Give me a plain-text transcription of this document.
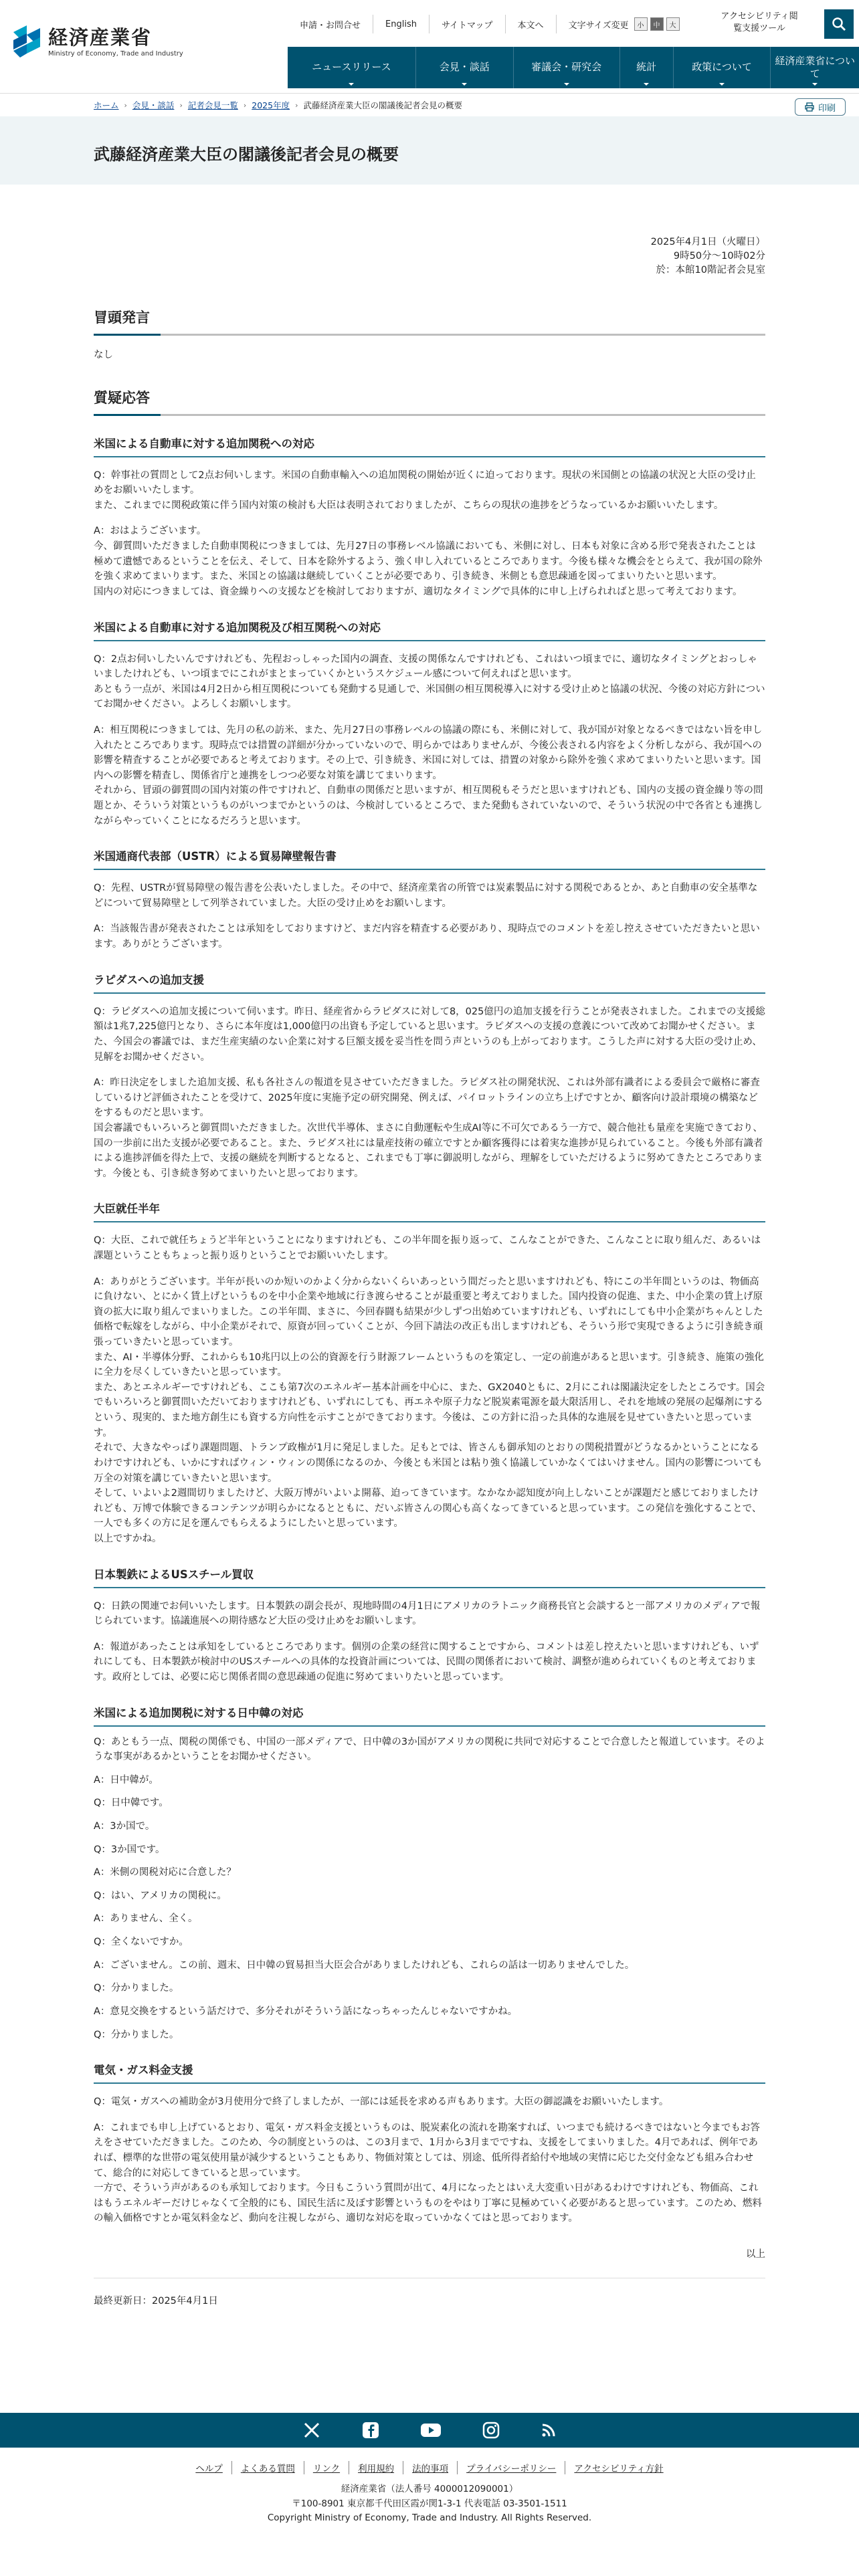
経済産業省
Ministry of Economy, Trade and Industry
申請・お問合せ	English	サイトマップ	本文へ	文字サイズ変更	小	中	大
アクセシビリティ閲覧支援ツール
ニュースリリース	会見・談話	審議会・研究会	統計	政策について
経済産業省について
ホーム › 会見・談話 › 記者会見一覧 › 2025年度 › 武藤経済産業大臣の閣議後記者会見の概要	印刷
武藤経済産業大臣の閣議後記者会見の概要
2025年4月1日（火曜日）
9時50分～10時02分
於：本館10階記者会見室
冒頭発言
なし
質疑応答
米国による自動車に対する追加関税への対応
Q：幹事社の質問として2点お伺いします。米国の自動車輸入への追加関税の開始が近くに迫っております。現状の米国側との協議の状況と大臣の受け止めをお願いいたします。
また、これまでに関税政策に伴う国内対策の検討も大臣は表明されておりましたが、こちらの現状の進捗をどうなっているかお願いいたします。
A：おはようございます。
今、御質問いただきました自動車関税につきましては、先月27日の事務レベル協議においても、米側に対し、日本も対象に含める形で発表されたことは極めて遺憾であるということを伝え、そして、日本を除外するよう、強く申し入れているところであります。今後も様々な機会をとらえて、我が国の除外を強く求めてまいります。また、米国との協議は継続していくことが必要であり、引き続き、米側とも意思疎通を図ってまいりたいと思います。
国内の対応につきましては、資金繰りへの支援などを検討しておりますが、適切なタイミングで具体的に申し上げられればと思って考えております。
米国による自動車に対する追加関税及び相互関税への対応
Q：2点お伺いしたいんですけれども、先程おっしゃった国内の調査、支援の関係なんですけれども、これはいつ頃までに、適切なタイミングとおっしゃいましたけれども、いつ頃までにこれがまとまっていくかというスケジュール感について何えればと思います。
あともう一点が、米国は4月2日から相互関税についても発動する見通しで、米国側の相互関税導入に対する受け止めと協議の状況、今後の対応方針についてお聞かせください。よろしくお願いします。
A：相互関税につきましては、先月の私の訪米、また、先月27日の事務レベルの協議の際にも、米側に対して、我が国が対象となるべきではない旨を申し入れたところであります。現時点では措置の詳細が分かっていないので、明らかではありませんが、今後公表される内容をよく分析しながら、我が国への影響を精査することが必要であると考えております。その上で、引き続き、米国に対しては、措置の対象から除外を強く求めてまいりたいと思います。国内への影響を精査し、関係省庁と連携をしつつ必要な対策を講じてまいります。
それから、冒頭の御質問の国内対策の件ですけれど、自動車の関係だと思いますが、相互関税もそうだと思いますけれども、国内の支援の資金繰り等の問題とか、そういう対策というものがいつまでかというのは、今検討しているところで、また発動もされていないので、そういう状況の中で各省とも連携しながらやっていくことになるだろうと思います。
米国通商代表部（USTR）による貿易障壁報告書
Q：先程、USTRが貿易障壁の報告書を公表いたしました。その中で、経済産業省の所管では炭素製品に対する関税であるとか、あと自動車の安全基準などについて貿易障壁として列挙されていました。大臣の受け止めをお願いします。
A：当該報告書が発表されたことは承知をしておりますけど、まだ内容を精査する必要があり、現時点でのコメントを差し控えさせていただきたいと思います。ありがとうございます。
ラピダスへの追加支援
Q：ラピダスへの追加支援について伺います。昨日、経産省からラピダスに対して8，025億円の追加支援を行うことが発表されました。これまでの支援総額は1兆7,225億円となり、さらに本年度は1,000億円の出資も予定していると思います。ラピダスへの支援の意義について改めてお聞かせください。また、今国会の審議では、まだ生産実績のない企業に対する巨額支援を妥当性を問う声というのも上がっております。こうした声に対する大臣の受け止め、見解をお聞かせください。
A：昨日決定をしました追加支援、私も各社さんの報道を見させていただきました。ラピダス社の開発状況、これは外部有識者による委員会で厳格に審査しているけど評価されたことを受けて、2025年度に実施予定の研究開発、例えば、パイロットラインの立ち上げですとか、顧客向け設計環境の構築などをするものだと思います。
国会審議でもいろいろと御質問いただきました。次世代半導体、まさに自動運転や生成AI等に不可欠であるう一方で、競合他社も量産を実施できており、国の一歩前に出た支援が必要であること。また、ラピダス社には量産技術の確立ですとか顧客獲得には着実な進捗が見られていること。今後も外部有識者による進捗評価を得た上で、支援の継続を判断するとなると、これまでも丁寧に御説明しながら、理解をしていただけるように努めてきたところであります。今後とも、引き続き努めてまいりたいと思っております。
大臣就任半年
Q：大臣、これで就任ちょうど半年ということになりますけれども、この半年間を振り返って、こんなことができた、こんなことに取り組んだ、あるいは課題ということもちょっと振り返りということでお願いいたします。
A：ありがとうございます。半年が長いのか短いのかよく分からないくらいあっという間だったと思いますけれども、特にこの半年間というのは、物価高に負けない、とにかく賃上げというものを中小企業や地域に行き渡らせることが最重要と考えておりました。国内投資の促進、また、中小企業の賃上げ原資の拡大に取り組んでまいりました。この半年間、まさに、今回春闘も結果が少しずつ出始めていますけれども、いずれにしても中小企業がちゃんとした価格で転嫁をしながら、中小企業がそれで、原資が回っていくことが、今回下請法の改正も出しますけれども、そういう形で実現できるように引き続き頑張っていきたいと思っています。
また、AI・半導体分野、これからも10兆円以上の公的資源を行う財源フレームというものを策定し、一定の前進があると思います。引き続き、施策の強化に全力を尽くしていきたいと思っています。
また、あとエネルギーですけれども、ここも第7次のエネルギー基本計画を中心に、また、GX2040ともに、2月にこれは閣議決定をしたところです。国会でもいろいろと御質問いただいておりますけれども、いずれにしても、再エネや原子力など脱炭素電源を最大限活用し、それを地域の発展の起爆剤にするという、現実的、また地方創生にも資する方向性を示すことができております。今後は、この方針に沿った具体的な進展を見せていきたいと思っています。
それで、大きなやっぱり課題問題、トランプ政権が1月に発足しました。足もとでは、皆さんも御承知のとおりの関税措置がどうなるかということになるわけですけれども、いかにすればウィン・ウィンの関係になるのか、今後とも米国とは粘り強く協議していかなくてはいけません。国内の影響についても万全の対策を講じていきたいと思います。
そして、いよいよ2週間切りましたけど、大阪万博がいよいよ開幕、迫ってきています。なかなか認知度が向上しないことが課題だと感じておりましたけれども、万博で体験できるコンテンツが明らかになるとともに、だいぶ皆さんの関心も高くなってきていると思っています。この発信を強化することで、一人でも多くの方に足を運んでもらえるようにしたいと思っています。
以上ですかね。
日本製鉄によるUSスチール買収
Q：日鉄の関連でお伺いいたします。日本製鉄の副会長が、現地時間の4月1日にアメリカのラトニック商務長官と会談すると一部アメリカのメディアで報じられています。協議進展への期待感など大臣の受け止めをお願いします。
A：報道があったことは承知をしているところであります。個別の企業の経営に関することですから、コメントは差し控えたいと思いますけれども、いずれにしても、日本製鉄が検討中のUSスチールへの具体的な投資計画については、民間の関係者において検討、調整が進められていくものと考えております。政府としては、必要に応じ関係者間の意思疎通の促進に努めてまいりたいと思っています。
米国による追加関税に対する日中韓の対応
Q：あともう一点、関税の関係でも、中国の一部メディアで、日中韓の3か国がアメリカの関税に共同で対応することで合意したと報道しています。そのような事実があるかということをお聞かせください。
A：日中韓が。
Q：日中韓です。
A：3か国で。
Q：3か国です。
A：米側の関税対応に合意した？
Q：はい、アメリカの関税に。
A：ありません、全く。
Q：全くないですか。
A：ございません。この前、週末、日中韓の貿易担当大臣会合がありましたけれども、これらの話は一切ありませんでした。
Q：分かりました。
A：意見交換をするという話だけで、多分それがそういう話になっちゃったんじゃないですかね。
Q：分かりました。
電気・ガス料金支援
Q：電気・ガスへの補助金が3月使用分で終了しましたが、一部には延長を求める声もあります。大臣の御認識をお願いいたします。
A：これまでも申し上げているとおり、電気・ガス料金支援というものは、脱炭素化の流れを勘案すれば、いつまでも続けるべきではないと今までもお答えをさせていただきました。このため、今の制度というのは、この3月まで、1月から3月までですね、支援をしてまいりました。4月であれば、例年であれば、標準的な世帯の電気使用量が減少するということもあり、物価対策としては、別途、低所得者給付や地域の実情に応じた交付金なども組み合わせて、総合的に対応してきていると思っています。
一方で、そういう声があるのも承知しております。今日もこういう質問が出て、4月になったとはいえ大変重い日があるわけですけれども、物価高、これはもうエネルギーだけじゃなくて全般的にも、国民生活に及ぼす影響というものをやはり丁寧に見極めていく必要があると思っています。このため、燃料の輸入価格ですとか電気料金など、動向を注視しながら、適切な対応を取っていかなくてはと思っております。
以上
最終更新日：2025年4月1日
ヘルプ	よくある質問	リンク	利用規約	法的事項	プライバシーポリシー	アクセシビリティ方針
経済産業省（法人番号 4000012090001）
〒100-8901 東京都千代田区霞が関1-3-1 代表電話 03-3501-1511
Copyright Ministry of Economy, Trade and Industry. All Rights Reserved.
